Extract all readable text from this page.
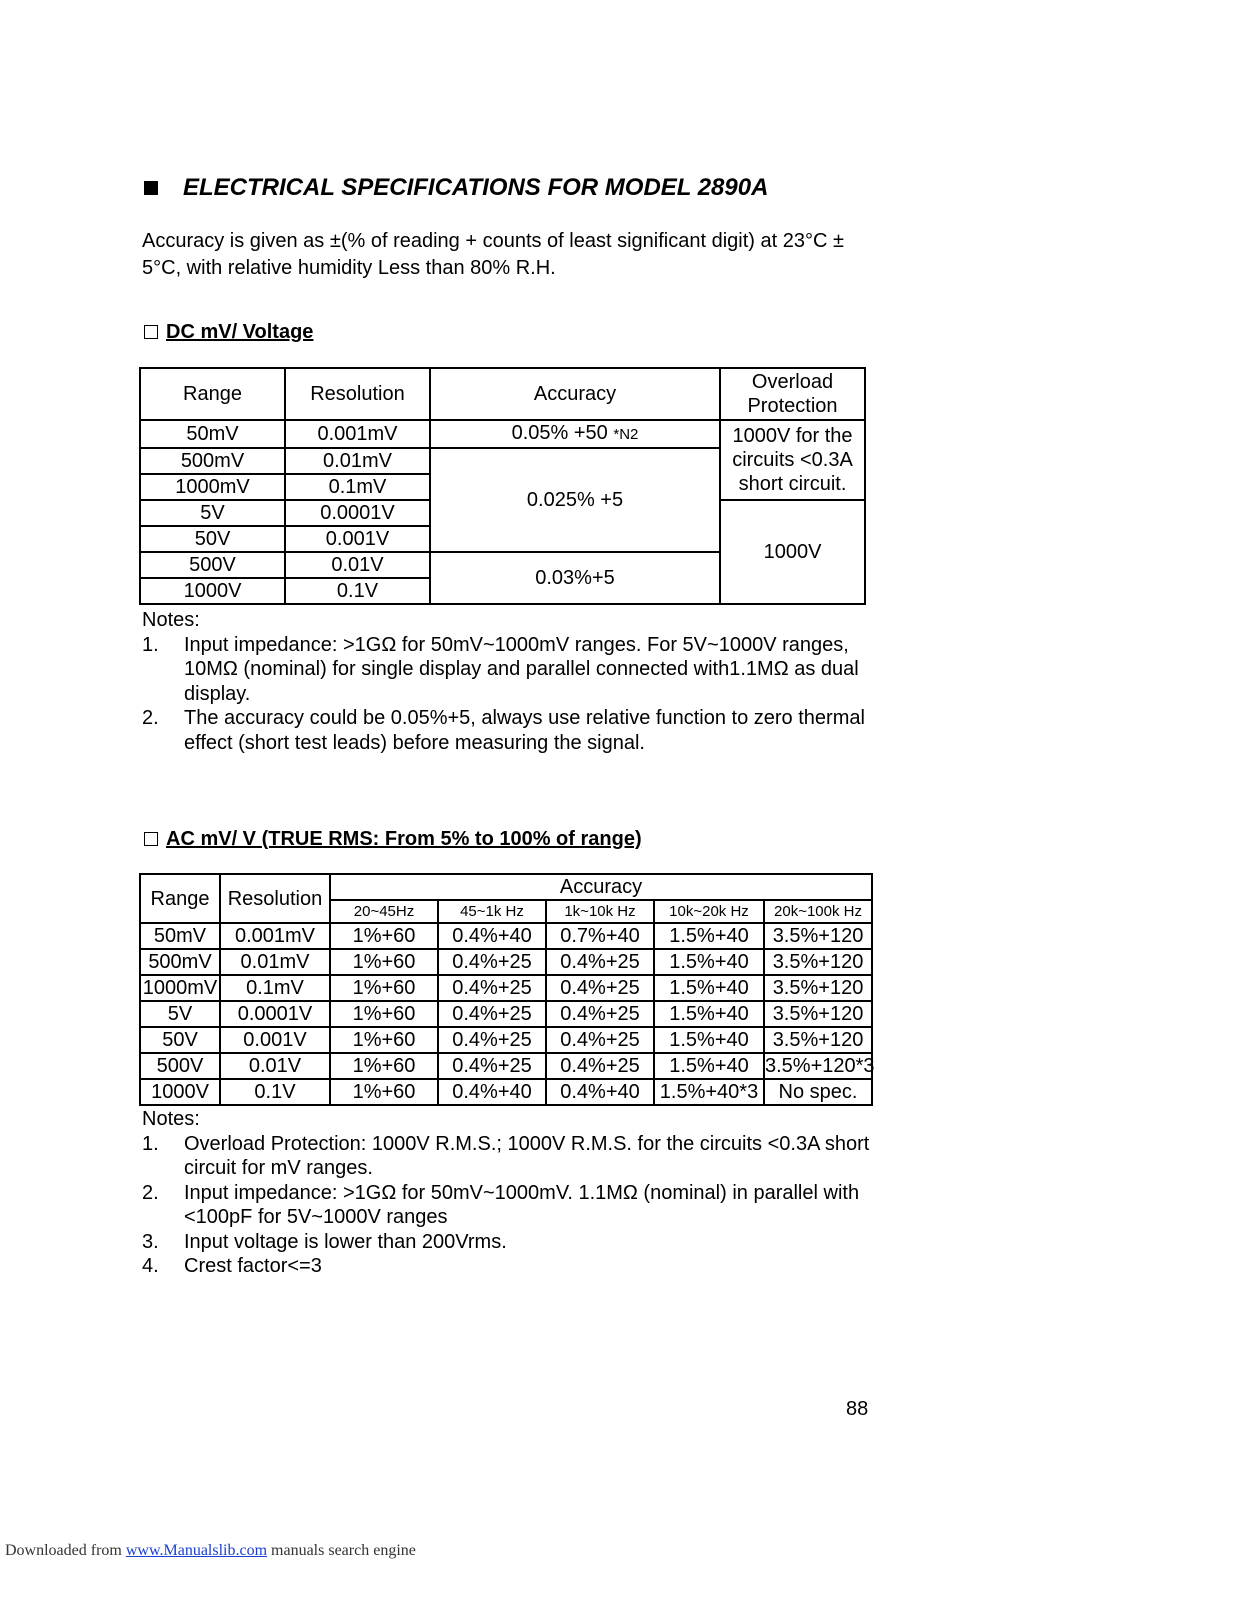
ELECTRICAL SPECIFICATIONS FOR MODEL 2890A
Accuracy is given as ±(% of reading + counts of least significant digit) at 23°C ± 5°C, with relative humidity Less than 80% R.H.
DC mV/ Voltage
Range	Resolution	Accuracy	Overload Protection
50mV	0.001mV	0.05% +50 *N2	1000V for the circuits <0.3A short circuit.
500mV	0.01mV	0.025% +5	
1000mV	0.1mV		
5V	0.0001V		1000V
50V	0.001V		
500V	0.01V	0.03%+5	
1000V	0.1V		
Notes:
1.	Input impedance: >1GΩ for 50mV~1000mV ranges. For 5V~1000V ranges, 10MΩ (nominal) for single display and parallel connected with1.1MΩ as dual display.
2.	The accuracy could be 0.05%+5, always use relative function to zero thermal effect (short test leads) before measuring the signal.
AC mV/ V (TRUE RMS: From 5% to 100% of range)
Range	Resolution	Accuracy				
		20~45Hz	45~1k Hz	1k~10k Hz	10k~20k Hz	20k~100k Hz
50mV	0.001mV	1%+60	0.4%+40	0.7%+40	1.5%+40	3.5%+120
500mV	0.01mV	1%+60	0.4%+25	0.4%+25	1.5%+40	3.5%+120
1000mV	0.1mV	1%+60	0.4%+25	0.4%+25	1.5%+40	3.5%+120
5V	0.0001V	1%+60	0.4%+25	0.4%+25	1.5%+40	3.5%+120
50V	0.001V	1%+60	0.4%+25	0.4%+25	1.5%+40	3.5%+120
500V	0.01V	1%+60	0.4%+25	0.4%+25	1.5%+40	3.5%+120*3
1000V	0.1V	1%+60	0.4%+40	0.4%+40	1.5%+40*3	No spec.
Notes:
1.	Overload Protection: 1000V R.M.S.; 1000V R.M.S. for the circuits <0.3A short circuit for mV ranges.
2.	Input impedance: >1GΩ for 50mV~1000mV. 1.1MΩ (nominal) in parallel with <100pF for 5V~1000V ranges
3.	Input voltage is lower than 200Vrms.
4.	Crest factor<=3
88
Downloaded from www.Manualslib.com manuals search engine
